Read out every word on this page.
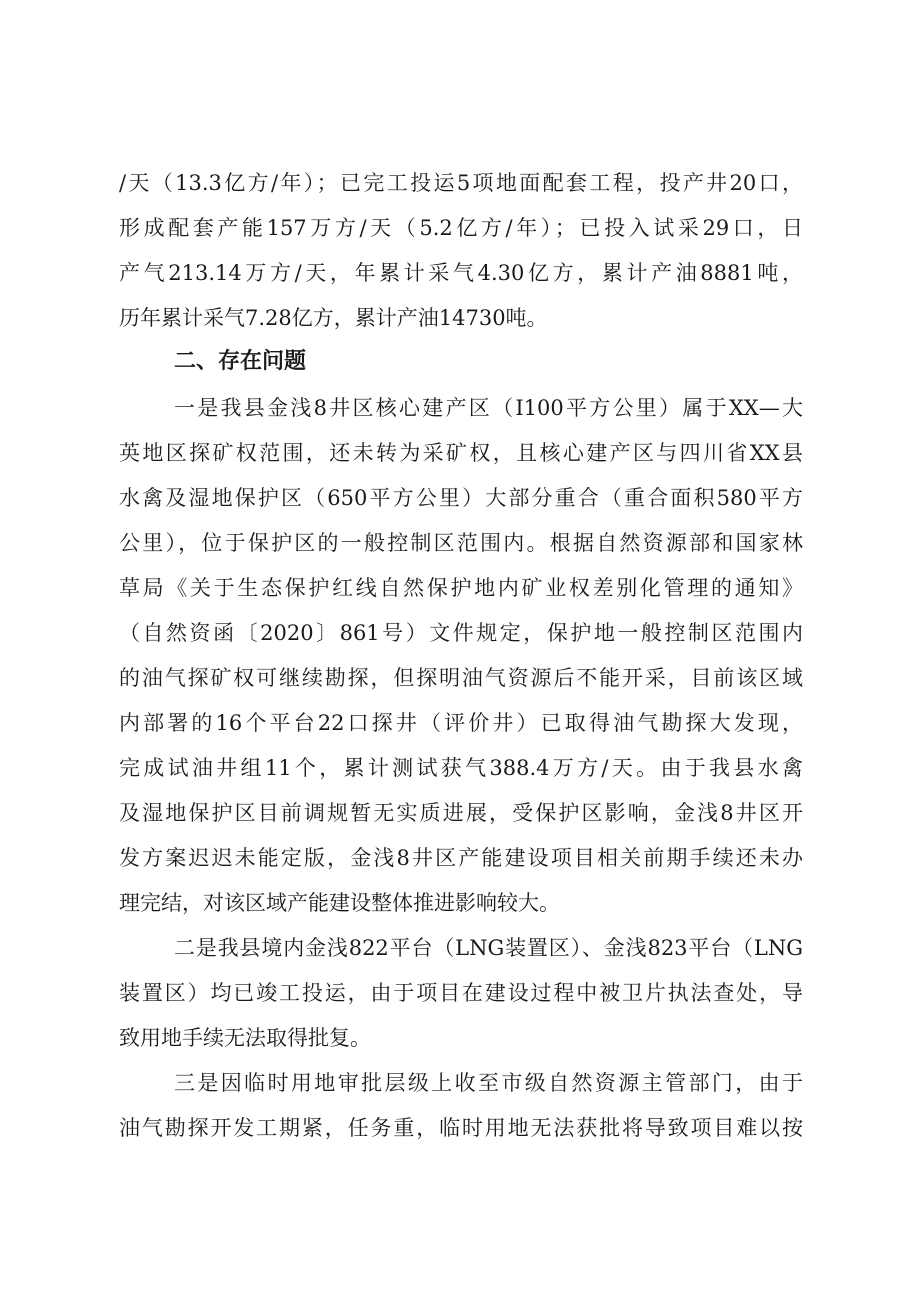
/天（13.3亿方/年）；已完工投运5项地面配套工程，投产井20口，
形成配套产能157万方/天（5.2亿方/年）；已投入试采29口，日
产气213.14万方/天，年累计采气4.30亿方，累计产油8881吨，
历年累计采气7.28亿方，累计产油14730吨。
二、存在问题
一是我县金浅8井区核心建产区（I100平方公里）属于XX—大
英地区探矿权范围，还未转为采矿权，且核心建产区与四川省XX县
水禽及湿地保护区（650平方公里）大部分重合（重合面积580平方
公里），位于保护区的一般控制区范围内。根据自然资源部和国家林
草局《关于生态保护红线自然保护地内矿业权差别化管理的通知》
（自然资函〔2020〕861号）文件规定，保护地一般控制区范围内
的油气探矿权可继续勘探，但探明油气资源后不能开采，目前该区域
内部署的16个平台22口探井（评价井）已取得油气勘探大发现，
完成试油井组11个，累计测试获气388.4万方/天。由于我县水禽
及湿地保护区目前调规暂无实质进展，受保护区影响，金浅8井区开
发方案迟迟未能定版，金浅8井区产能建设项目相关前期手续还未办
理完结，对该区域产能建设整体推进影响较大。
二是我县境内金浅822平台（LNG装置区）、金浅823平台（LNG
装置区）均已竣工投运，由于项目在建设过程中被卫片执法查处，导
致用地手续无法取得批复。
三是因临时用地审批层级上收至市级自然资源主管部门，由于
油气勘探开发工期紧，任务重，临时用地无法获批将导致项目难以按
